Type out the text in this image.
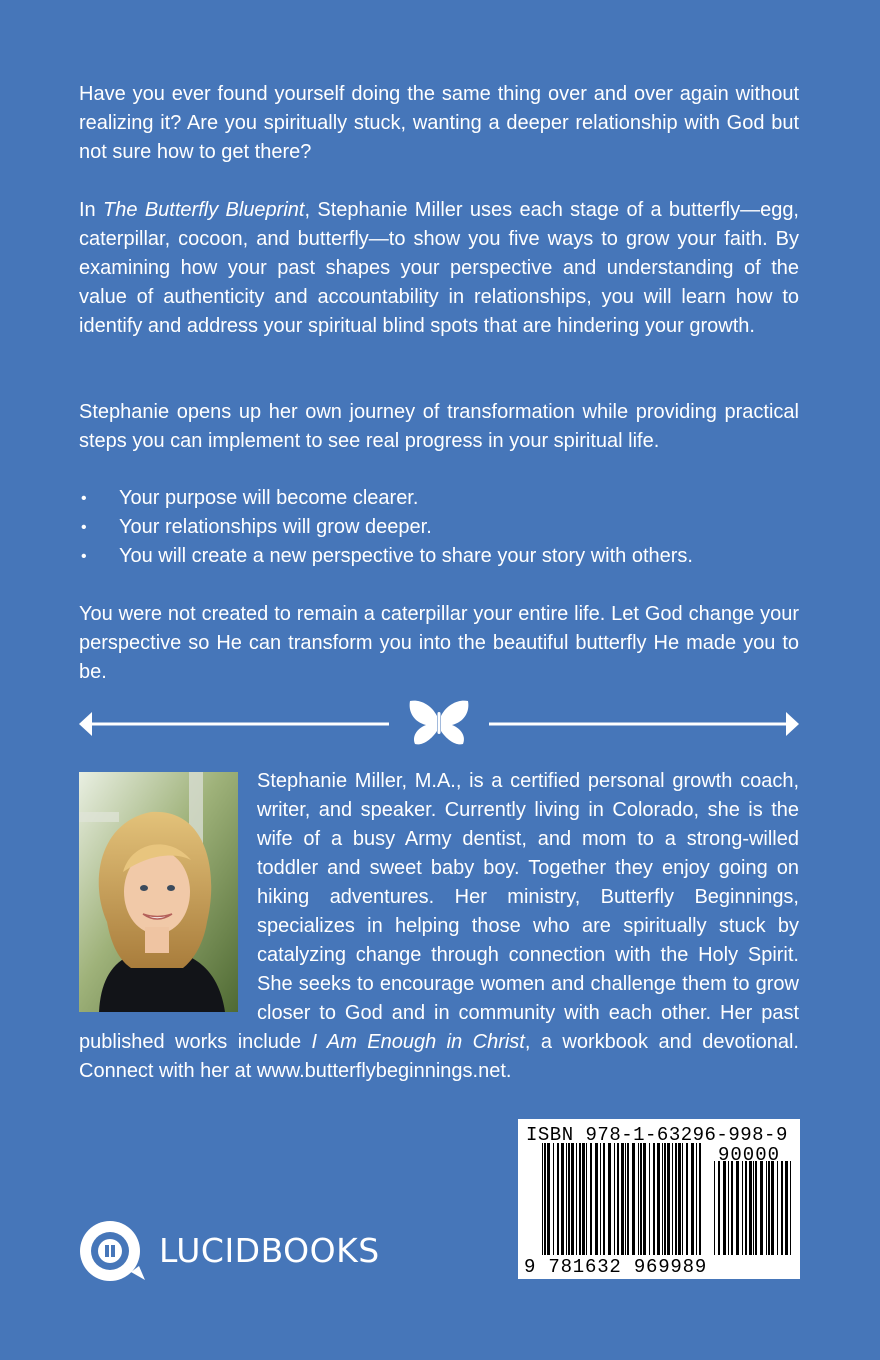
Have you ever found yourself doing the same thing over and over again without realizing it? Are you spiritually stuck, wanting a deeper relationship with God but not sure how to get there?

In The Butterfly Blueprint, Stephanie Miller uses each stage of a butterfly—egg, caterpillar, cocoon, and butterfly—to show you five ways to grow your faith. By examining how your past shapes your perspective and understanding of the value of authenticity and accountability in relationships, you will learn how to identify and address your spiritual blind spots that are hindering your growth.

Stephanie opens up her own journey of transformation while providing practical steps you can implement to see real progress in your spiritual life.

• Your purpose will become clearer.
• Your relationships will grow deeper.
• You will create a new perspective to share your story with others.

You were not created to remain a caterpillar your entire life. Let God change your perspective so He can transform you into the beautiful butterfly He made you to be.

Stephanie Miller, M.A., is a certified personal growth coach, writer, and speaker. Currently living in Colorado, she is the wife of a busy Army dentist, and mom to a strong-willed toddler and sweet baby boy. Together they enjoy going on hiking adventures. Her ministry, Butterfly Beginnings, specializes in helping those who are spiritually stuck by catalyzing change through connection with the Holy Spirit. She seeks to encourage women and challenge them to grow closer to God and in community with each other. Her past published works include I Am Enough in Christ, a workbook and devotional. Connect with her at www.butterflybeginnings.net.

ISBN 978-1-63296-998-9
90000
9 781632 969989
LUCIDBOOKS
